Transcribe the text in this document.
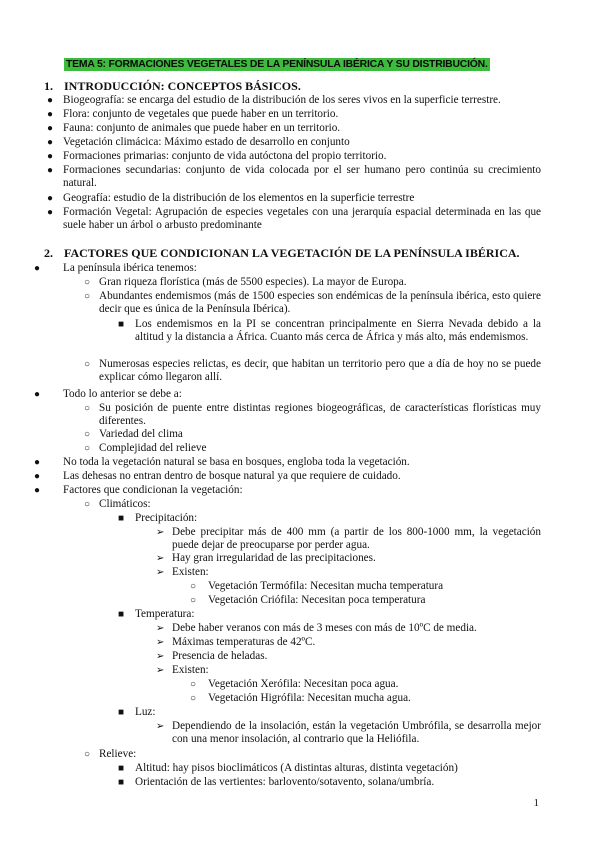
TEMA 5: FORMACIONES VEGETALES DE LA PENÍNSULA IBÉRICA Y SU DISTRIBUCIÓN.
1. INTRODUCCIÓN: CONCEPTOS BÁSICOS.
● Biogeografía: se encarga del estudio de la distribución de los seres vivos en la superficie terrestre.
● Flora: conjunto de vegetales que puede haber en un territorio.
● Fauna: conjunto de animales que puede haber en un territorio.
● Vegetación climácica: Máximo estado de desarrollo en conjunto
● Formaciones primarias: conjunto de vida autóctona del propio territorio.
● Formaciones secundarias: conjunto de vida colocada por el ser humano pero continúa su crecimiento natural.
● Geografía: estudio de la distribución de los elementos en la superficie terrestre
● Formación Vegetal: Agrupación de especies vegetales con una jerarquía espacial determinada en las que suele haber un árbol o arbusto predominante
2. FACTORES QUE CONDICIONAN LA VEGETACIÓN DE LA PENÍNSULA IBÉRICA.
● La península ibérica tenemos:
○ Gran riqueza florística (más de 5500 especies). La mayor de Europa.
○ Abundantes endemismos (más de 1500 especies son endémicas de la península ibérica, esto quiere decir que es única de la Península Ibérica).
■ Los endemismos en la PI se concentran principalmente en Sierra Nevada debido a la altitud y la distancia a África. Cuanto más cerca de África y más alto, más endemismos.
○ Numerosas especies relictas, es decir, que habitan un territorio pero que a día de hoy no se puede explicar cómo llegaron allí.
● Todo lo anterior se debe a:
○ Su posición de puente entre distintas regiones biogeográficas, de características florísticas muy diferentes.
○ Variedad del clima
○ Complejidad del relieve
● No toda la vegetación natural se basa en bosques, engloba toda la vegetación.
● Las dehesas no entran dentro de bosque natural ya que requiere de cuidado.
● Factores que condicionan la vegetación:
○ Climáticos:
■ Precipitación:
➢ Debe precipitar más de 400 mm (a partir de los 800-1000 mm, la vegetación puede dejar de preocuparse por perder agua.
➢ Hay gran irregularidad de las precipitaciones.
➢ Existen:
○ Vegetación Termófila: Necesitan mucha temperatura
○ Vegetación Criófila: Necesitan poca temperatura
■ Temperatura:
➢ Debe haber veranos con más de 3 meses con más de 10ºC de media.
➢ Máximas temperaturas de 42ºC.
➢ Presencia de heladas.
➢ Existen:
○ Vegetación Xerófila: Necesitan poca agua.
○ Vegetación Higrófila: Necesitan mucha agua.
■ Luz:
➢ Dependiendo de la insolación, están la vegetación Umbrófila, se desarrolla mejor con una menor insolación, al contrario que la Heliófila.
○ Relieve:
■ Altitud: hay pisos bioclimáticos (A distintas alturas, distinta vegetación)
■ Orientación de las vertientes: barlovento/sotavento, solana/umbría.
1
